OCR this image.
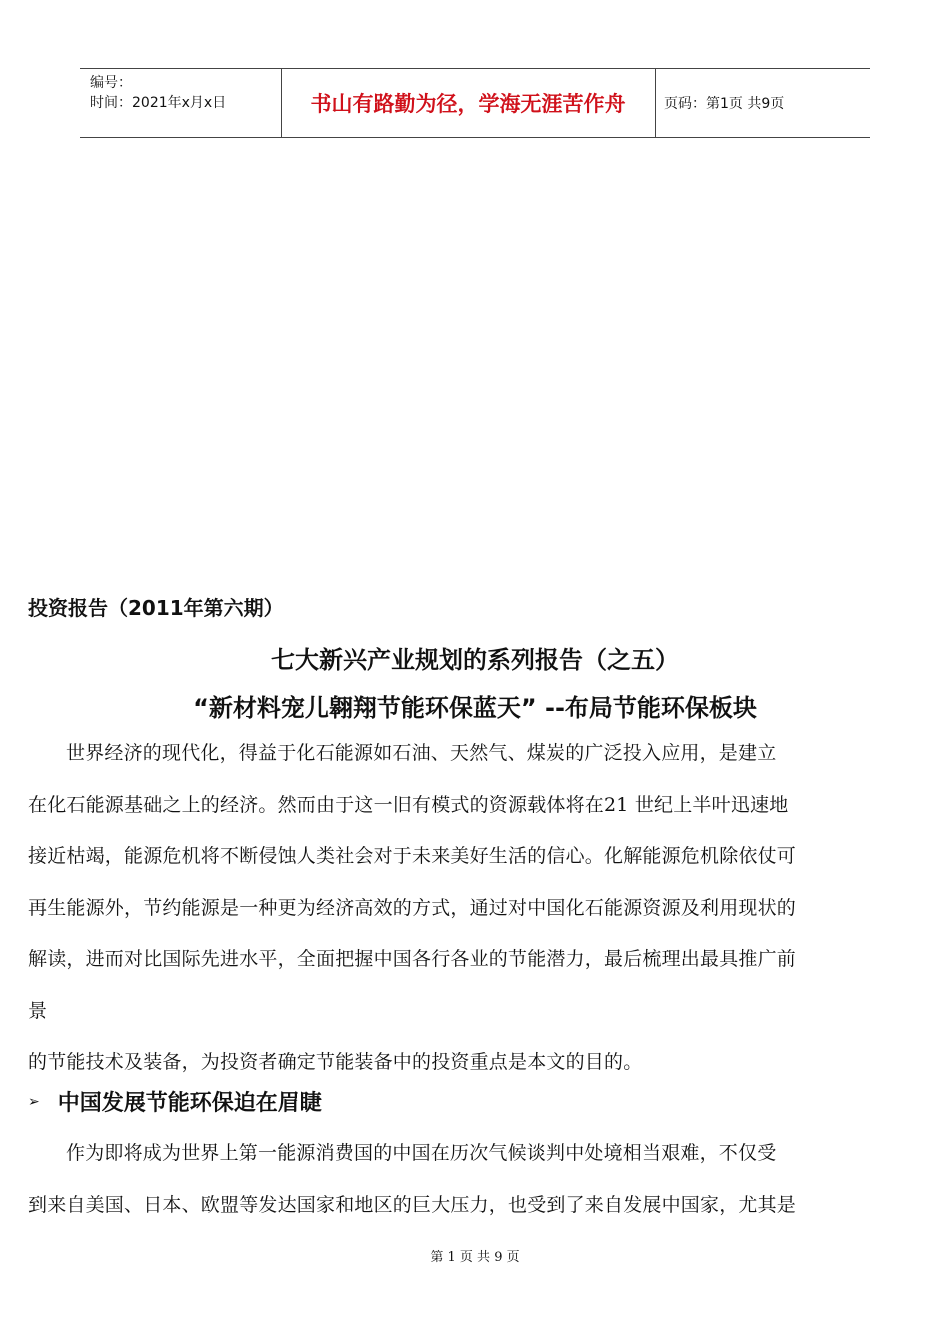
编号：
时间：2021年x月x日	书山有路勤为径，学海无涯苦作舟	页码：第1页 共9页
投资报告（2011年第六期）
七大新兴产业规划的系列报告（之五）
“新材料宠儿翱翔节能环保蓝天” --布局节能环保板块
世界经济的现代化，得益于化石能源如石油、天然气、煤炭的广泛投入应用，是建立
在化石能源基础之上的经济。然而由于这一旧有模式的资源载体将在21 世纪上半叶迅速地
接近枯竭，能源危机将不断侵蚀人类社会对于未来美好生活的信心。化解能源危机除依仗可
再生能源外，节约能源是一种更为经济高效的方式，通过对中国化石能源资源及利用现状的
解读，进而对比国际先进水平，全面把握中国各行各业的节能潜力，最后梳理出最具推广前
景
的节能技术及装备，为投资者确定节能装备中的投资重点是本文的目的。
➢ 中国发展节能环保迫在眉睫
作为即将成为世界上第一能源消费国的中国在历次气候谈判中处境相当艰难，不仅受
到来自美国、日本、欧盟等发达国家和地区的巨大压力，也受到了来自发展中国家，尤其是
第 1 页 共 9 页
